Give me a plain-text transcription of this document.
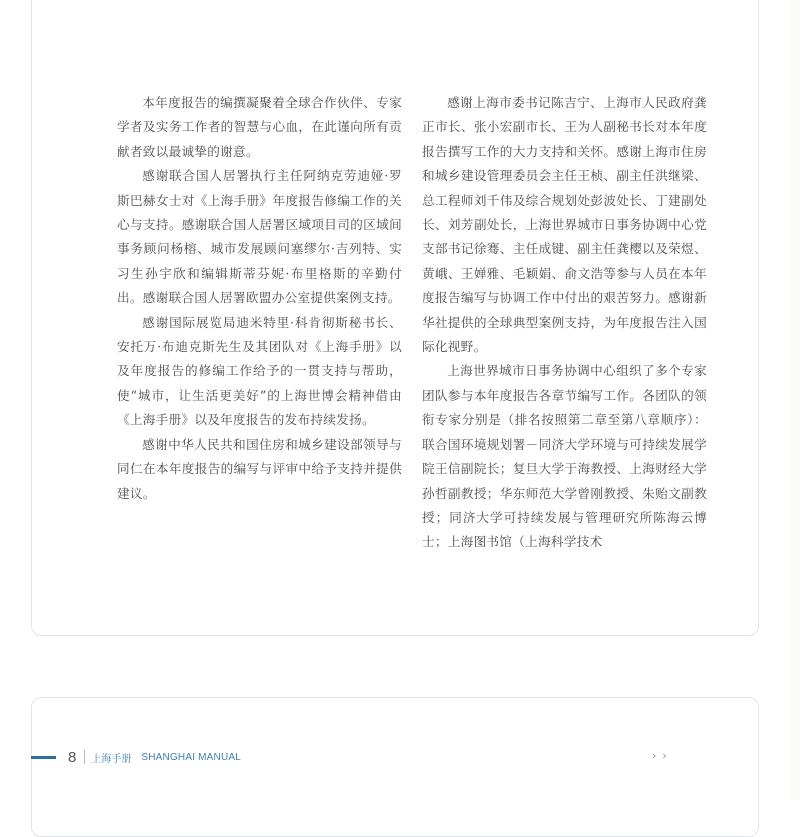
本年度报告的编撰凝聚着全球合作伙伴、专家学者及实务工作者的智慧与心血，在此谨向所有贡献者致以最诚挚的谢意。

感谢联合国人居署执行主任阿纳克劳迪娅·罗斯巴赫女士对《上海手册》年度报告修编工作的关心与支持。感谢联合国人居署区域项目司的区域间事务顾问杨榕、城市发展顾问塞缪尔·吉列特、实习生孙宇欣和编辑斯蒂芬妮·布里格斯的辛勤付出。感谢联合国人居署欧盟办公室提供案例支持。

感谢国际展览局迪米特里·科肯彻斯秘书长、安托万·布迪克斯先生及其团队对《上海手册》以及年度报告的修编工作给予的一贯支持与帮助，使“城市，让生活更美好”的上海世博会精神借由《上海手册》以及年度报告的发布持续发扬。

感谢中华人民共和国住房和城乡建设部领导与同仁在本年度报告的编写与评审中给予支持并提供建议。

感谢上海市委书记陈吉宁、上海市人民政府龚正市长、张小宏副市长、王为人副秘书长对本年度报告撰写工作的大力支持和关怀。感谢上海市住房和城乡建设管理委员会主任王桢、副主任洪继梁、总工程师刘千伟及综合规划处彭波处长、丁建副处长、刘芳副处长，上海世界城市日事务协调中心党支部书记徐骞、主任成键、副主任龚樱以及荣煜、黄峨、王婵雅、毛颖娟、俞文浩等参与人员在本年度报告编写与协调工作中付出的艰苦努力。感谢新华社提供的全球典型案例支持，为年度报告注入国际化视野。

上海世界城市日事务协调中心组织了多个专家团队参与本年度报告各章节编写工作。各团队的领衔专家分别是（排名按照第二章至第八章顺序）：联合国环境规划署－同济大学环境与可持续发展学院王信副院长；复旦大学于海教授、上海财经大学孙哲副教授；华东师范大学曾刚教授、朱贻文副教授；同济大学可持续发展与管理研究所陈海云博士；上海图书馆（上海科学技术

8 上海手册 SHANGHAI MANUAL	› ›
